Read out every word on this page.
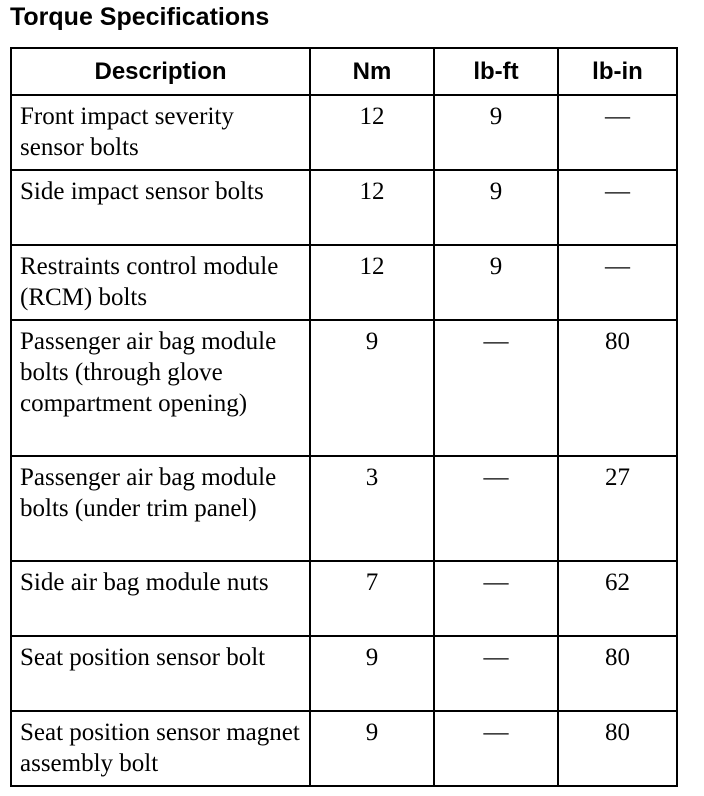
Torque Specifications
Description	Nm	lb-ft	lb-in
Front impact severity sensor bolts	12	9	—
Side impact sensor bolts	12	9	—
Restraints control module (RCM) bolts	12	9	—
Passenger air bag module bolts (through glove compartment opening)	9	—	80
Passenger air bag module bolts (under trim panel)	3	—	27
Side air bag module nuts	7	—	62
Seat position sensor bolt	9	—	80
Seat position sensor magnet assembly bolt	9	—	80
